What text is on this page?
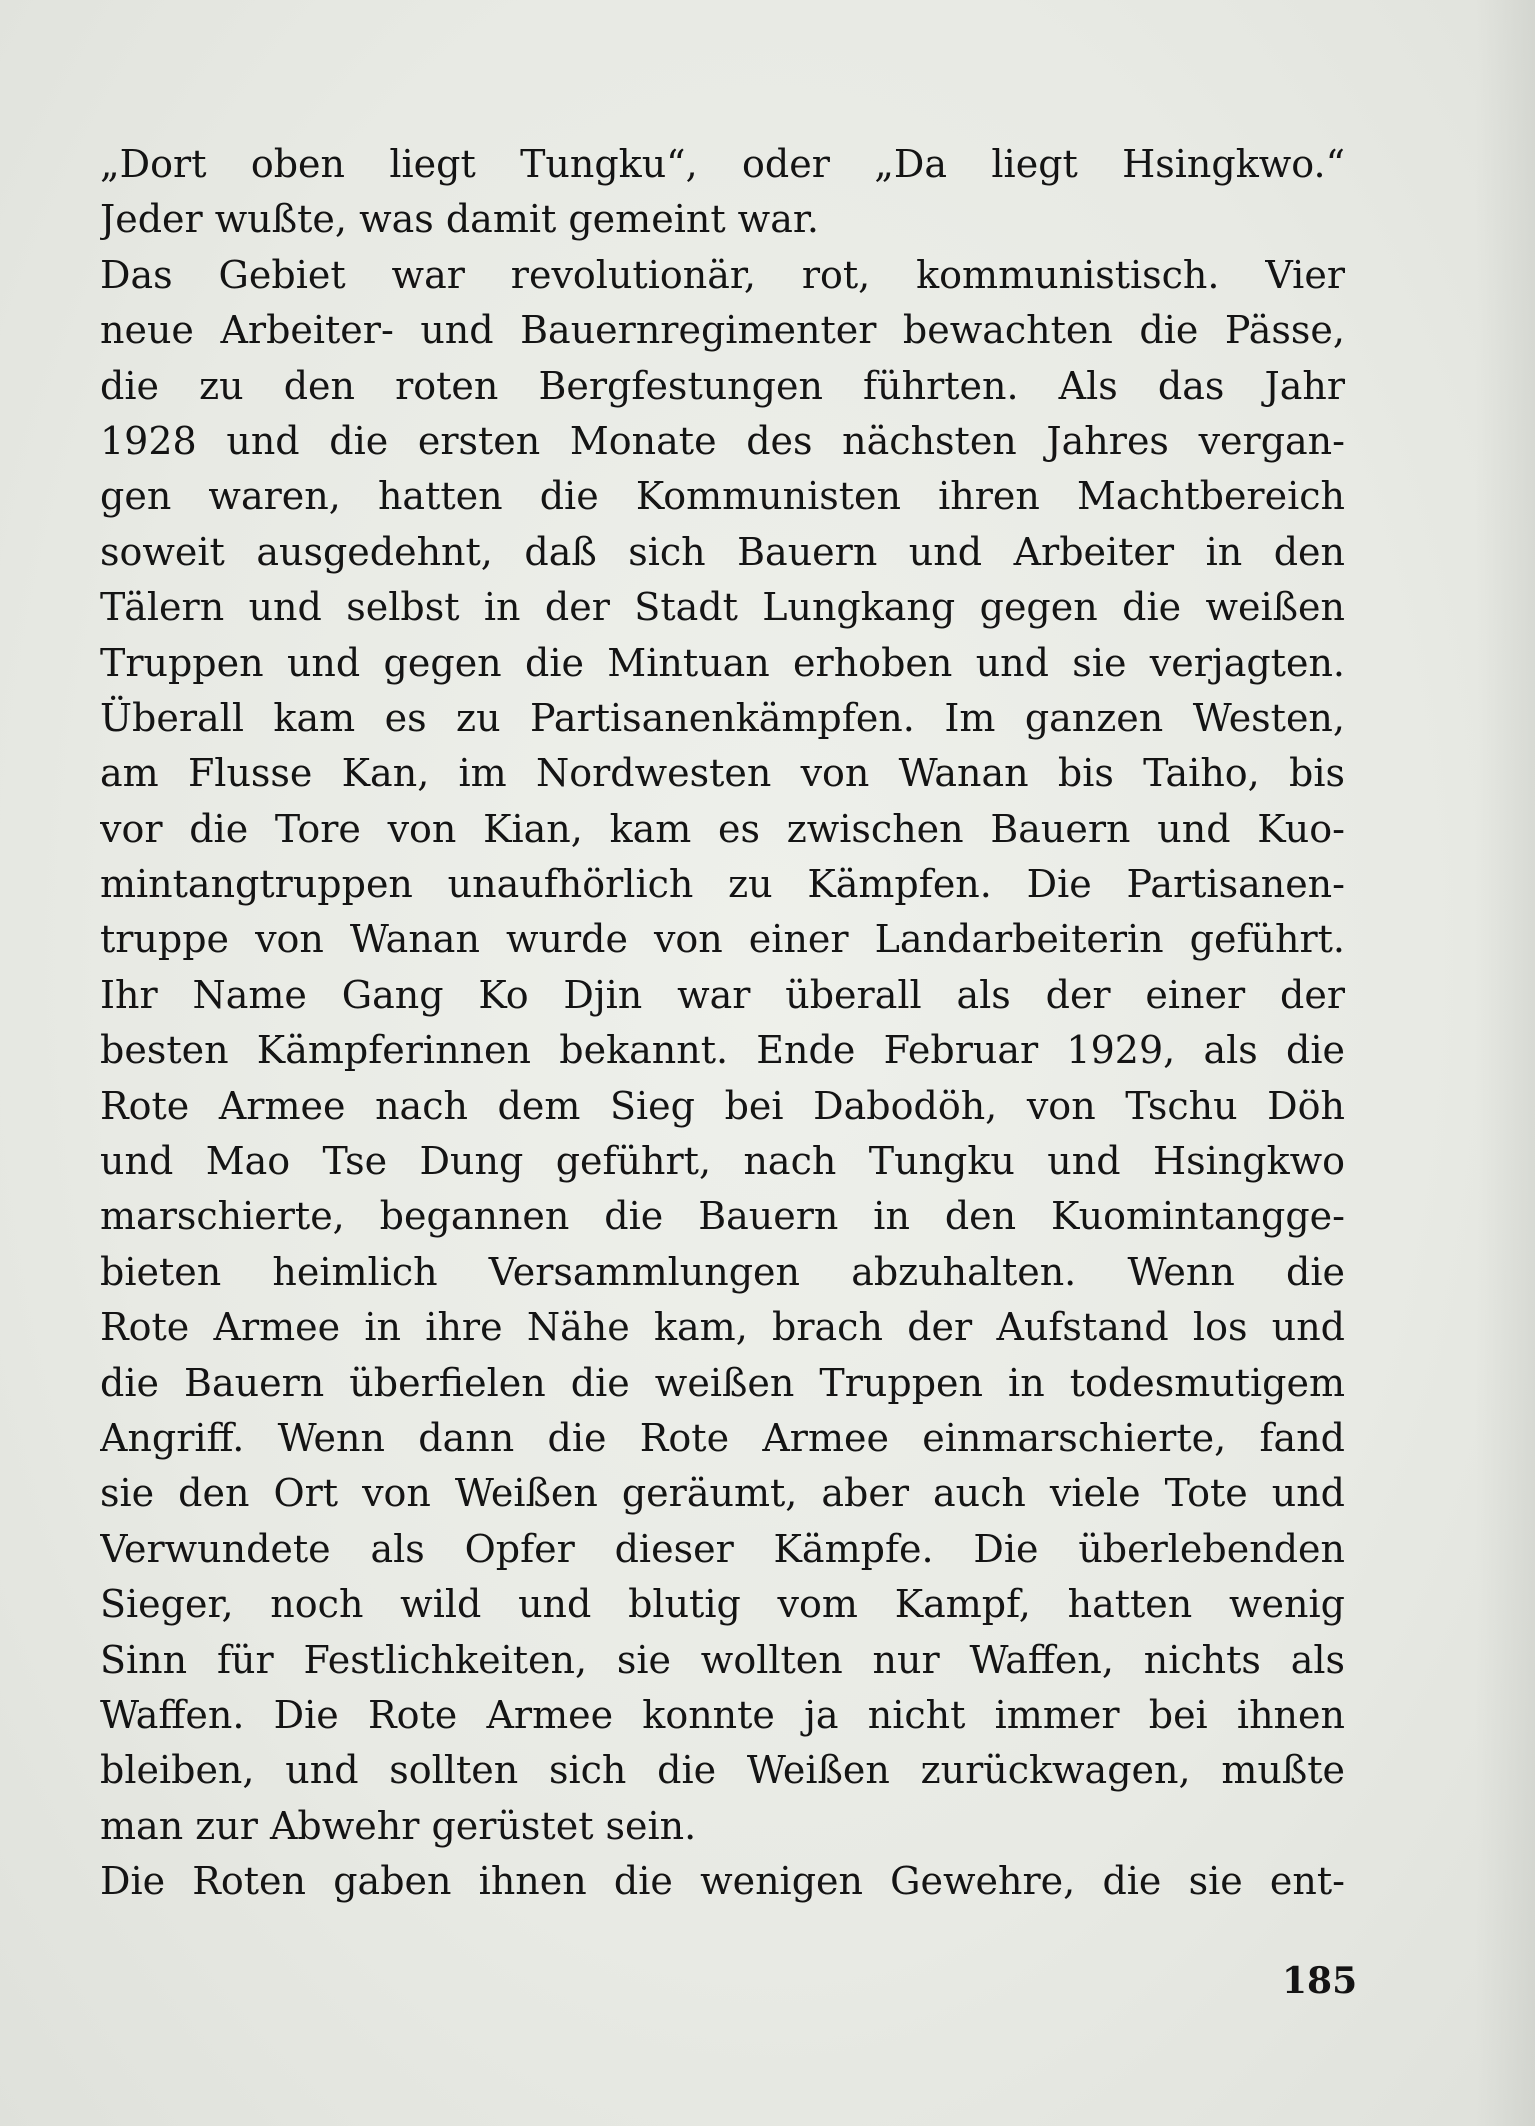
„Dort oben liegt Tungku“, oder „Da liegt Hsingkwo.“
Jeder wußte, was damit gemeint war.
Das Gebiet war revolutionär, rot, kommunistisch. Vier
neue Arbeiter- und Bauernregimenter bewachten die Pässe,
die zu den roten Bergfestungen führten. Als das Jahr
1928 und die ersten Monate des nächsten Jahres vergan-
gen waren, hatten die Kommunisten ihren Machtbereich
soweit ausgedehnt, daß sich Bauern und Arbeiter in den
Tälern und selbst in der Stadt Lungkang gegen die weißen
Truppen und gegen die Mintuan erhoben und sie verjagten.
Überall kam es zu Partisanenkämpfen. Im ganzen Westen,
am Flusse Kan, im Nordwesten von Wanan bis Taiho, bis
vor die Tore von Kian, kam es zwischen Bauern und Kuo-
mintangtruppen unaufhörlich zu Kämpfen. Die Partisanen-
truppe von Wanan wurde von einer Landarbeiterin geführt.
Ihr Name Gang Ko Djin war überall als der einer der
besten Kämpferinnen bekannt. Ende Februar 1929, als die
Rote Armee nach dem Sieg bei Dabodöh, von Tschu Döh
und Mao Tse Dung geführt, nach Tungku und Hsingkwo
marschierte, begannen die Bauern in den Kuomintangge-
bieten heimlich Versammlungen abzuhalten. Wenn die
Rote Armee in ihre Nähe kam, brach der Aufstand los und
die Bauern überfielen die weißen Truppen in todesmutigem
Angriff. Wenn dann die Rote Armee einmarschierte, fand
sie den Ort von Weißen geräumt, aber auch viele Tote und
Verwundete als Opfer dieser Kämpfe. Die überlebenden
Sieger, noch wild und blutig vom Kampf, hatten wenig
Sinn für Festlichkeiten, sie wollten nur Waffen, nichts als
Waffen. Die Rote Armee konnte ja nicht immer bei ihnen
bleiben, und sollten sich die Weißen zurückwagen, mußte
man zur Abwehr gerüstet sein.
Die Roten gaben ihnen die wenigen Gewehre, die sie ent-
185
